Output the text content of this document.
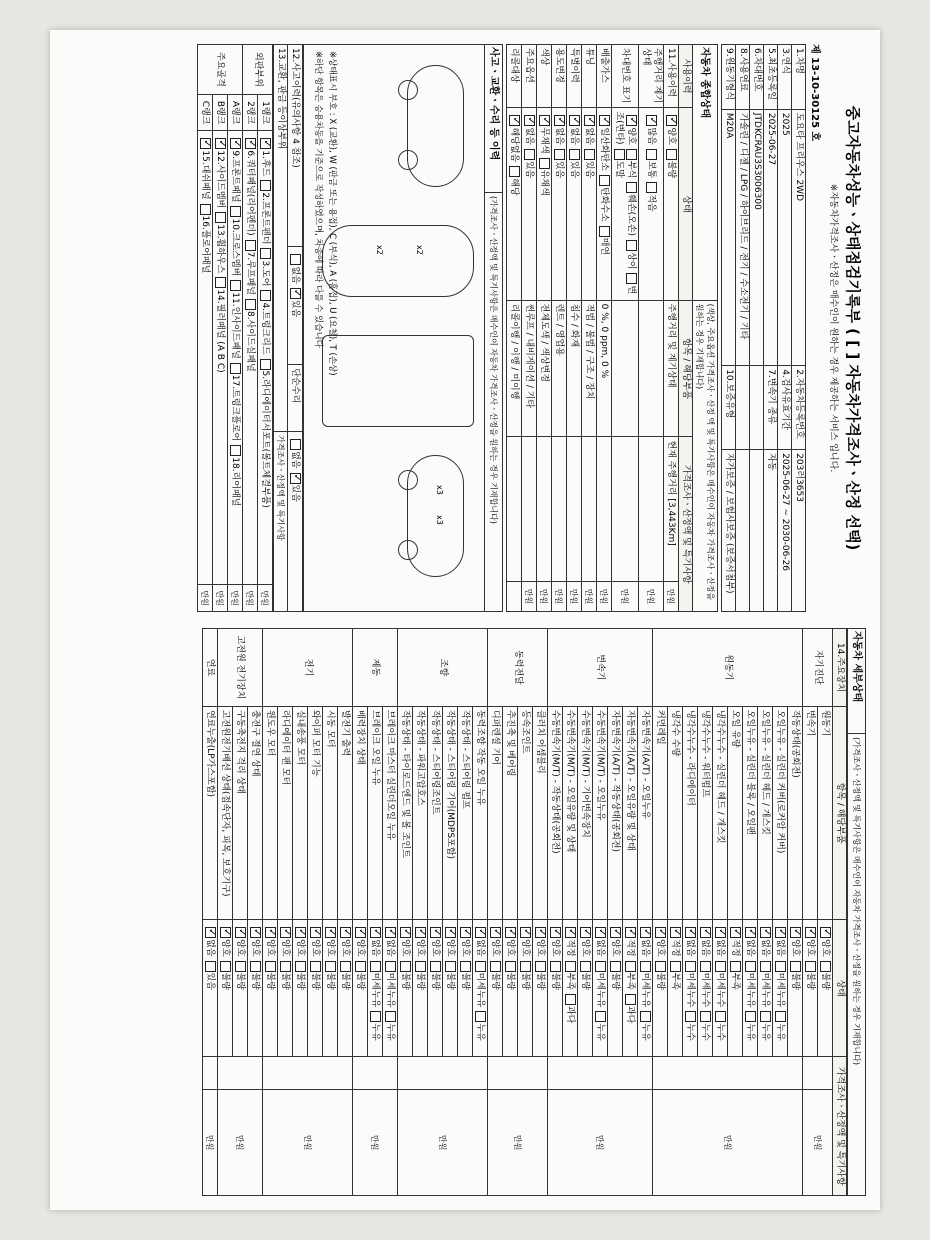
중고자동차성능ㆍ상태점검기록부 ( [ ] 자동차가격조사ㆍ산정 선택)
※자동차가격조사ㆍ산정은 매수인이 원하는 경우 제공하는 서비스 입니다.
제 13-10-30125 호
1.차명	도요타 프리우스 2WD	2.자동차등록번호	203러3653
3.연식	2025	4.검사유효기간	2025-06-27 ~ 2030-06-26
5.최초등록일	2025-06-27	7.변속기 종류	자동
6.차대번호	JTDKCRAU3S3006300		
8.사용연료	가솔린 / 디젤 / LPG / 하이브리드 / 전기 / 수소전기 / 기타		
9.원동기형식	M20A	10.보증유형	자가보증 / 보험사보증 (보증서첨부)
자동차 종합상태		(색상, 주요옵션 가격조사ㆍ산정 액 및 특기사항은 매수인이 자동차 가격조사ㆍ산정을 원하는 경우 기재합니다)		
사용이력	상태	항목 / 해당부품	가격조사ㆍ산정액 및 특기사항	
11.사용이력	✓양호불량	주행거리 및 계기상태	현재 주행거리 [3,443Km]	만원
주행거리 계기상태	✓많음보통적음			만원
차대번호 표기	✓양호부식훼손(오손)상이변조(변타)도말			만원
배출가스	✓일산화탄소탄화수소매연	0 %, 0 ppm, 0 %		만원
튜닝	✓없음있음	적법 / 불법 / 구조 / 장치		만원
특별이력	✓없음있음	침수 / 화재		만원
용도변경	✓없음있음	렌트 / 영업용		만원
색상	✓무채색유채색	전체도색 / 색상변경		만원
주요옵션	✓없음있음	썬루프 / 내비게이션 / 기타		만원
리콜대상	✓해당없음해당	리콜이행 / 이행 / 미이행		
사고ㆍ교환ㆍ수리 등 이력	(가격조사ㆍ산정액 및 특기사항은 매수인이 자동차 가격조사ㆍ산정을 원하는 경우 기재합니다)
x3
x3
x2
x2
※상태표시 부호 : X (교환), W (판금 또는 용접), C (부식), A (흠집), U (요철), T (손상)
※하단 항목은 승용차동을 기준으로 작성하였으며, 차종에 따라 다를 수 있습니다
12.사고이력(유의사항 4 참조)	없음✓있음	단순수리	없음✓있음
13.교환, 판금 등이상부위			가격조사ㆍ산정액 및 특기사항
외판부위	1랭크	✓1.후드2.프론트펜더3.도어4.트렁크리드5.라디에이터서포트(볼트체결부품)	만원
	2랭크	✓6.쿼터패널(리어펜더)7.루프패널8.사이드실패널	만원
주요골격	A랭크	✓9.프론트패널10.크로스멤버11.인사이드패널17.트렁크플로어18.리어패널	만원
	B랭크	✓12.사이드멤버13.휠하우스14.필러패널 (A B C)	만원
	C랭크	✓15.대쉬패널16.플로어패널	만원
자동차 세부상태	(가격조사ㆍ산정액 및 특기사항은 매수인이 자동차 가격조사ㆍ산정을 원하는 경우 기재합니다)
14.주요장치	항목 / 해당부품	상태	가격조사ㆍ산정액 및 특기사항	
자기진단	원동기	✓양호불량		만원
	변속기	✓양호불량
원동기	작동상태(공회전)	✓양호불량		만원
	오일누유 - 실린더 커버(로커암 커버)	✓없음미세누유누유
	오일누유 - 실린더 헤드 / 개스킷	✓없음미세누유누유
	오일누유 - 실린더 블록 / 오일팬	✓없음미세누유누유
	오일 유량	✓적정부족
	냉각수누수 - 실린더 헤드 / 개스킷	✓없음미세누수누수
	냉각수누수 - 워터펌프	✓없음미세누수누수
	냉각수누수 - 라디에이터	✓없음미세누수누수
	냉각수 수량	✓적정부족
	커먼레일	✓양호불량
변속기	자동변속기(A/T) - 오일누유	✓없음미세누유누유		만원
	자동변속기(A/T) - 오일유량 및 상태	✓적정부족과다
	자동변속기(A/T) - 작동상태(공회전)	✓양호불량
	수동변속기(M/T) - 오일누유	✓없음미세누유누유
	수동변속기(M/T) - 기어변속장치	✓양호불량
	수동변속기(M/T) - 오일유량 및 상태	✓적정부족과다
	수동변속기(M/T) - 작동상태(공회전)	✓양호불량
동력전달	클러치 어셈블리	✓양호불량		만원
	등속조인트	✓양호불량
	추진축 및 베어링	✓양호불량
	디퍼렌셜 기어	✓양호불량
조향	동력조향 작동 오일 누유	✓없음미세누유누유		만원
	작동상태 - 스티어링 펌프	✓양호불량
	작동상태 - 스티어링 기어(MDPS포함)	✓양호불량
	작동상태 - 스티어링조인트	✓양호불량
	작동상태 - 파워고압호스	✓양호불량
	작동상태 - 타이로드엔드 및 볼 조인트	✓양호불량
제동	브레이크 마스터 실린더오일 누유	✓없음미세누유누유		만원
	브레이크 오일 누유	✓없음미세누유누유
	배력장치 상태	✓양호불량
전기	발전기 출력	✓양호불량		만원
	시동 모터	✓양호불량
	와이퍼 모터 기능	✓양호불량
	실내송풍 모터	✓양호불량
	라디에이터 팬 모터	✓양호불량
	윈도우 모터	✓양호불량
고전원 전기장치	충전구 절연 상태	✓양호불량		만원
	구동축전지 격리 상태	✓양호불량
	고전원전기배선 상태(접속단자, 피복, 보호기구)	✓양호불량
연료	연료누출(LP가스포함)	✓없음있음		만원
